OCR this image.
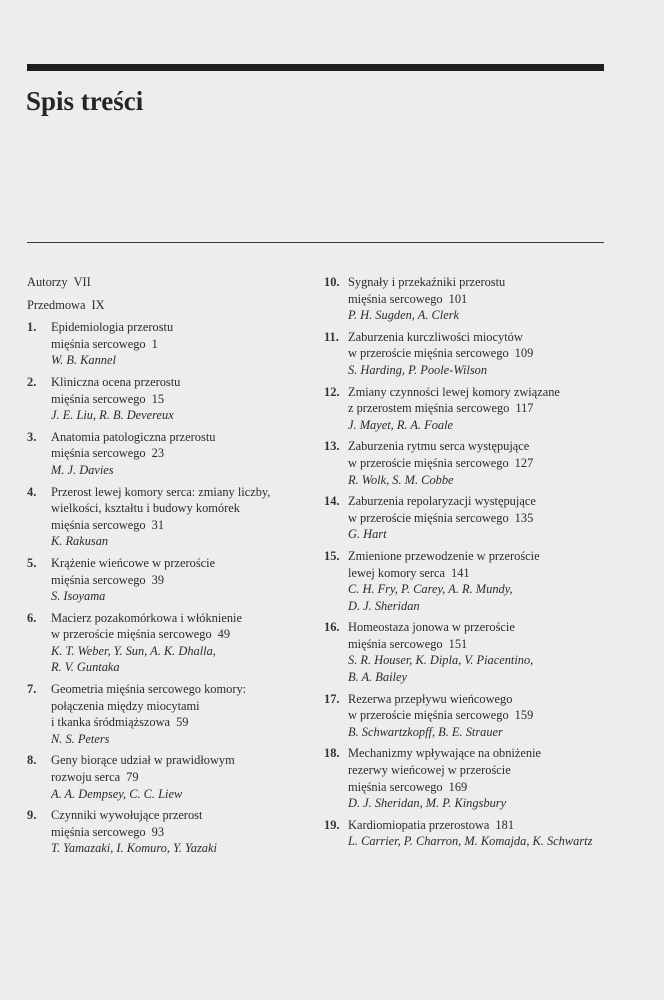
Spis treści
Autorzy VII
Przedmowa IX
1.	Epidemiologia przerostu
mięśnia sercowego 1
W. B. Kannel
2.	Kliniczna ocena przerostu
mięśnia sercowego 15
J. E. Liu, R. B. Devereux
3.	Anatomia patologiczna przerostu
mięśnia sercowego 23
M. J. Davies
4.	Przerost lewej komory serca: zmiany liczby,
wielkości, kształtu i budowy komórek
mięśnia sercowego 31
K. Rakusan
5.	Krążenie wieńcowe w przeroście
mięśnia sercowego 39
S. Isoyama
6.	Macierz pozakomórkowa i włóknienie
w przeroście mięśnia sercowego 49
K. T. Weber, Y. Sun, A. K. Dhalla,
R. V. Guntaka
7.	Geometria mięśnia sercowego komory:
połączenia między miocytami
i tkanka śródmiąższowa 59
N. S. Peters
8.	Geny biorące udział w prawidłowym
rozwoju serca 79
A. A. Dempsey, C. C. Liew
9.	Czynniki wywołujące przerost
mięśnia sercowego 93
T. Yamazaki, I. Komuro, Y. Yazaki
10. Sygnały i przekaźniki przerostu
mięśnia sercowego 101
P. H. Sugden, A. Clerk
11. Zaburzenia kurczliwości miocytów
w przeroście mięśnia sercowego 109
S. Harding, P. Poole-Wilson
12. Zmiany czynności lewej komory związane
z przerostem mięśnia sercowego 117
J. Mayet, R. A. Foale
13. Zaburzenia rytmu serca występujące
w przeroście mięśnia sercowego 127
R. Wolk, S. M. Cobbe
14. Zaburzenia repolaryzacji występujące
w przeroście mięśnia sercowego 135
G. Hart
15. Zmienione przewodzenie w przeroście
lewej komory serca 141
C. H. Fry, P. Carey, A. R. Mundy,
D. J. Sheridan
16. Homeostaza jonowa w przeroście
mięśnia sercowego 151
S. R. Houser, K. Dipla, V. Piacentino,
B. A. Bailey
17. Rezerwa przepływu wieńcowego
w przeroście mięśnia sercowego 159
B. Schwartzkopff, B. E. Strauer
18. Mechanizmy wpływające na obniżenie
rezerwy wieńcowej w przeroście
mięśnia sercowego 169
D. J. Sheridan, M. P. Kingsbury
19. Kardiomiopatia przerostowa 181
L. Carrier, P. Charron, M. Komajda, K. Schwartz
